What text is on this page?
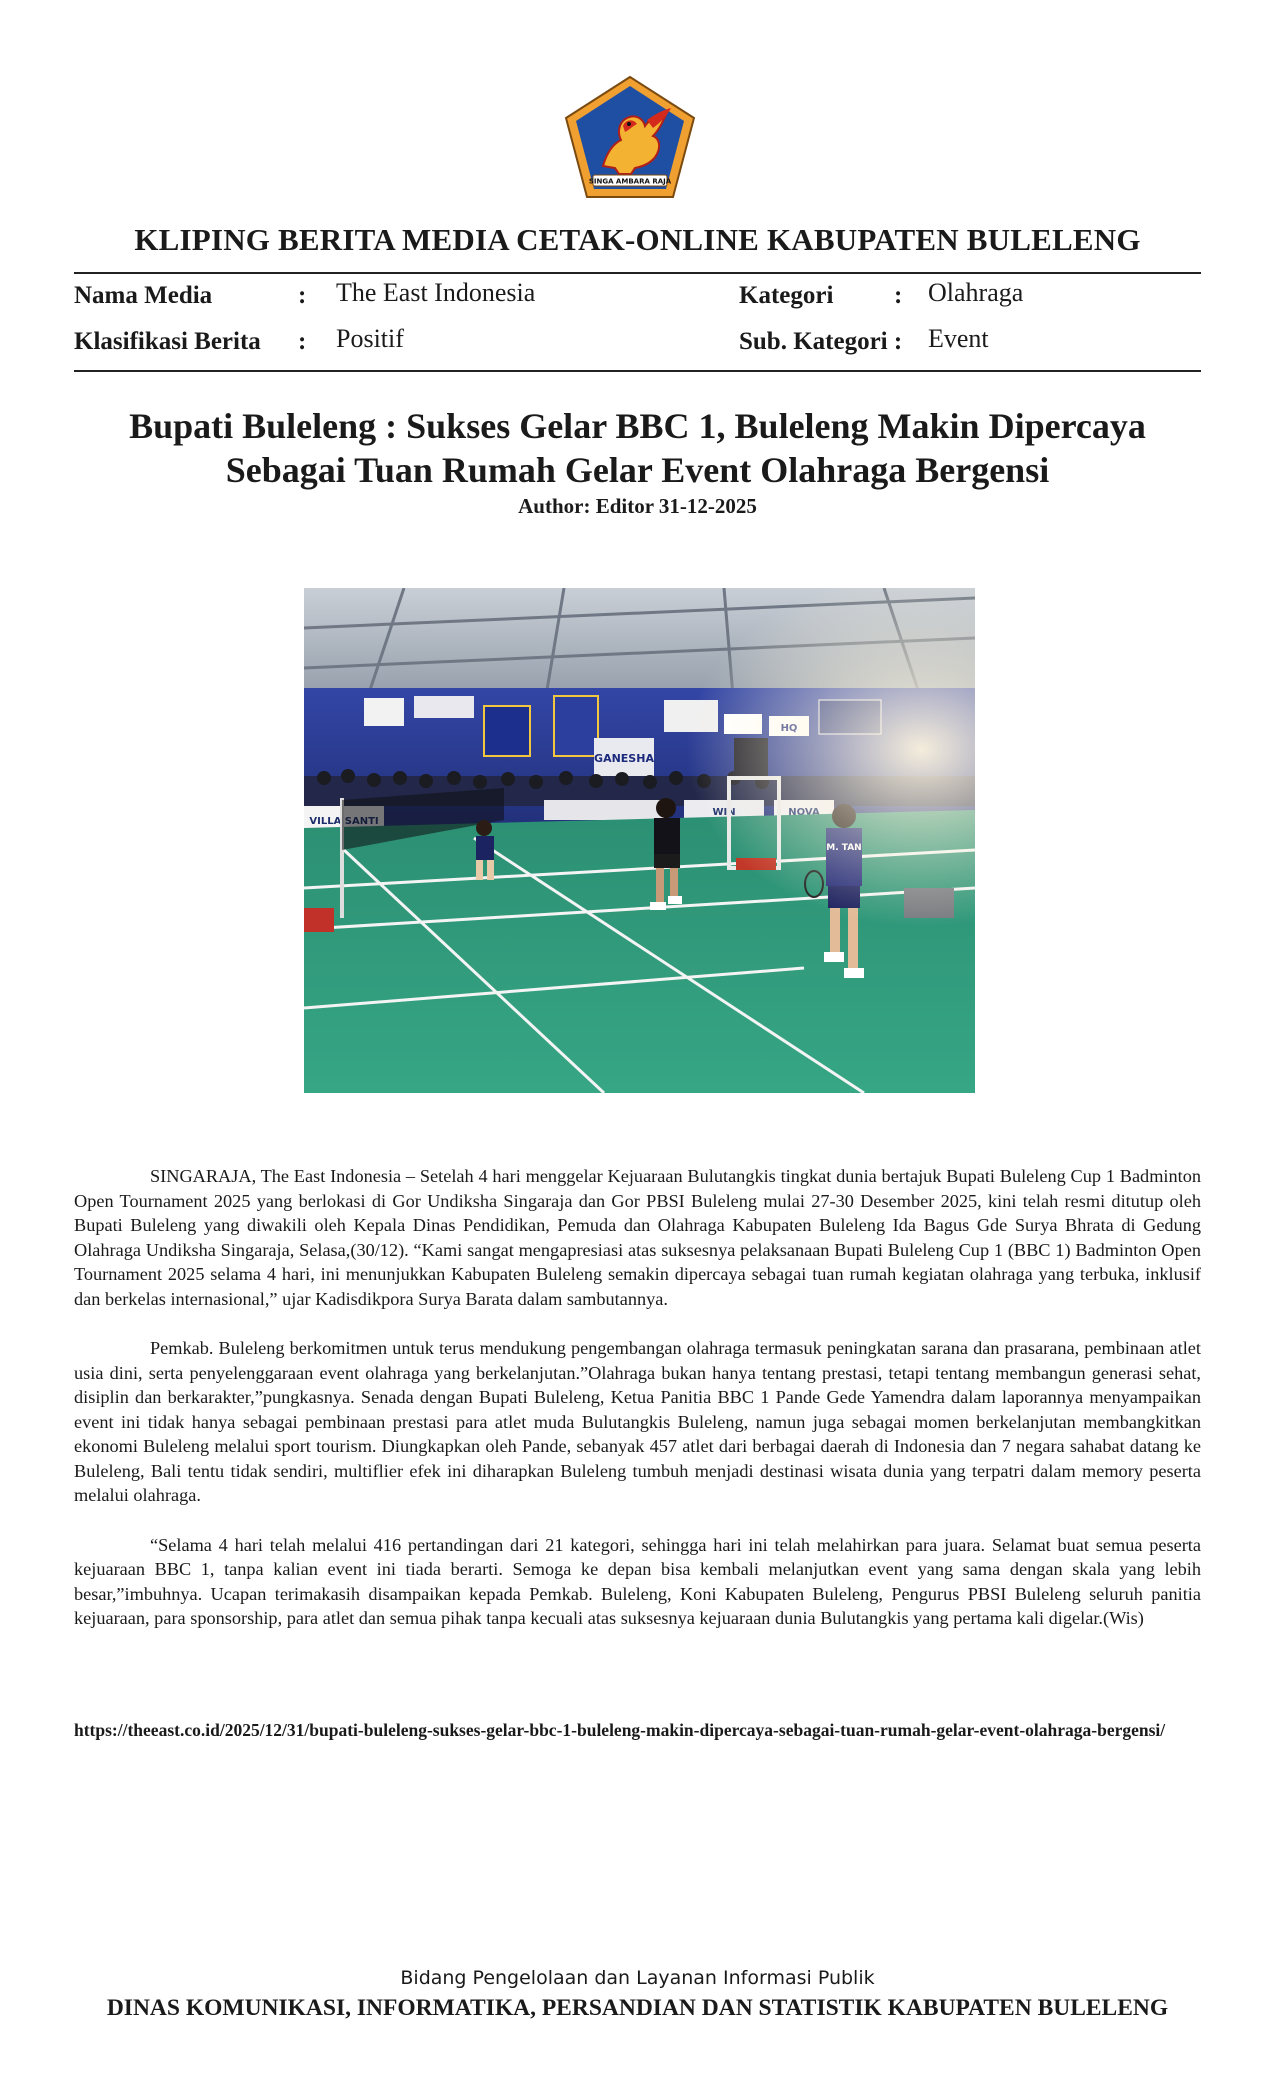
SINGA AMBARA RAJA
KLIPING BERITA MEDIA CETAK-ONLINE KABUPATEN BULELENG
Nama Media	: The East Indonesia	Kategori : Olahraga
Klasifikasi Berita : Positif	Sub. Kategori : Event
Bupati Buleleng : Sukses Gelar BBC 1, Buleleng Makin Dipercaya
Sebagai Tuan Rumah Gelar Event Olahraga Bergensi
Author: Editor 31-12-2025

SINGARAJA, The East Indonesia – Setelah 4 hari menggelar Kejuaraan Bulutangkis tingkat dunia bertajuk Bupati Buleleng Cup 1 Badminton Open Tournament 2025 yang berlokasi di Gor Undiksha Singaraja dan Gor PBSI Buleleng mulai 27-30 Desember 2025, kini telah resmi ditutup oleh Bupati Buleleng yang diwakili oleh Kepala Dinas Pendidikan, Pemuda dan Olahraga Kabupaten Buleleng Ida Bagus Gde Surya Bhrata di Gedung Olahraga Undiksha Singaraja, Selasa,(30/12). “Kami sangat mengapresiasi atas suksesnya pelaksanaan Bupati Buleleng Cup 1 (BBC 1) Badminton Open Tournament 2025 selama 4 hari, ini menunjukkan Kabupaten Buleleng semakin dipercaya sebagai tuan rumah kegiatan olahraga yang terbuka, inklusif dan berkelas internasional,” ujar Kadisdikpora Surya Barata dalam sambutannya.

Pemkab. Buleleng berkomitmen untuk terus mendukung pengembangan olahraga termasuk peningkatan sarana dan prasarana, pembinaan atlet usia dini, serta penyelenggaraan event olahraga yang berkelanjutan.”Olahraga bukan hanya tentang prestasi, tetapi tentang membangun generasi sehat, disiplin dan berkarakter,”pungkasnya. Senada dengan Bupati Buleleng, Ketua Panitia BBC 1 Pande Gede Yamendra dalam laporannya menyampaikan event ini tidak hanya sebagai pembinaan prestasi para atlet muda Bulutangkis Buleleng, namun juga sebagai momen berkelanjutan membangkitkan ekonomi Buleleng melalui sport tourism. Diungkapkan oleh Pande, sebanyak 457 atlet dari berbagai daerah di Indonesia dan 7 negara sahabat datang ke Buleleng, Bali tentu tidak sendiri, multiflier efek ini diharapkan Buleleng tumbuh menjadi destinasi wisata dunia yang terpatri dalam memory peserta melalui olahraga.

“Selama 4 hari telah melalui 416 pertandingan dari 21 kategori, sehingga hari ini telah melahirkan para juara. Selamat buat semua peserta kejuaraan BBC 1, tanpa kalian event ini tiada berarti. Semoga ke depan bisa kembali melanjutkan event yang sama dengan skala yang lebih besar,”imbuhnya. Ucapan terimakasih disampaikan kepada Pemkab. Buleleng, Koni Kabupaten Buleleng, Pengurus PBSI Buleleng seluruh panitia kejuaraan, para sponsorship, para atlet dan semua pihak tanpa kecuali atas suksesnya kejuaraan dunia Bulutangkis yang pertama kali digelar.(Wis)

https://theeast.co.id/2025/12/31/bupati-buleleng-sukses-gelar-bbc-1-buleleng-makin-dipercaya-sebagai-tuan-rumah-gelar-event-olahraga-bergensi/
Bidang Pengelolaan dan Layanan Informasi Publik
DINAS KOMUNIKASI, INFORMATIKA, PERSANDIAN DAN STATISTIK KABUPATEN BULELENG
